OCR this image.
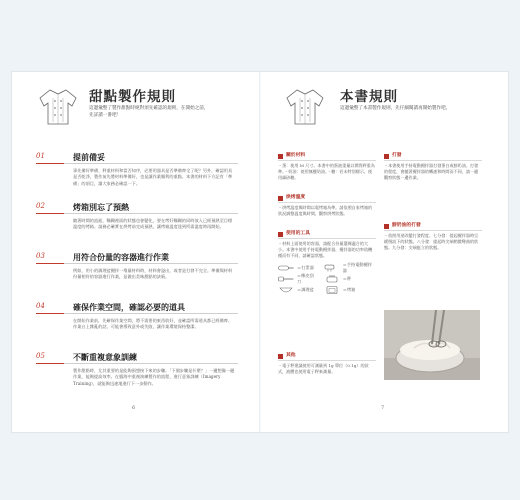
甜點製作規則
這邊彙整了製作甜點時絕對須先確認的規則，在開始之前，先詳讀一番吧！
01	提前備妥
事先備好準備、秤重材料和當否知序，必要用器具是否準備齊全了呢？另外，確認用具是否乾淨，製作前先將材料準備好，也是讓作業順利的重點。本書的材料下方記有「準備」的項目，讀大家務必確認一下。
02	烤箱別忘了預熱
隨著時間的流逝，麵糊裡面的狀態也會變化，要在烤好麵糊的同時放入已經預熱至目標溫度的烤箱。請務必確實在烘烤前完成預熱，讓烤箱溫度達到所需溫度時再開始。
03	用符合份量的容器進行作業
例如，用小的調理盆攪拌一堆量材料時，材料會溢出，或者是打發不完全。準備與材料份量相符的容器進行作業，是做出美味甜點的訣竅。
04	確保作業空間，確認必要的道具
在開始作業前，先確保作業空間，將不需要的東西收好，並確認所需道具都已經備齊。作業台上雜亂的話，可能會導致意外或失敗，讓作業環境保持整潔。
05	不斷重複意象訓練
製作甜點時，尤其重要的是能夠預想接下來的步驟。「下個步驟是什麼？」一邊想像一邊作業，能夠提高效率。在腦海中重複演練製作的流程，進行意象訓練（Imagery Training），就能夠迅速地進行下一步動作。
6
本書規則
這邊彙整了本書製作規則，先仔細閱讀再開始製作吧。
關於材料
・蛋：使用 M 尺寸。本書中的蛋液重量以實際秤重為準。・奶油：使用無鹽奶油。・糖：若未特別標示，使用細砂糖。
烘烤溫度
・烘烤溫度與時間以電烤箱為準。請依照自家烤箱的狀況調整溫度與時間，觀察烘烤狀態。
使用的工具
・材料上面使用的容器，請配合份量選擇適合的大小。本書中使用手持電動攪拌器，攪拌器的功率依機種而有不同，請確認狀態。
＝打蛋器
＝橡皮刮刀
＝調理盆
＝手持電動攪拌器
＝秤
＝烤箱
其他
・電子秤建議使用可測量到 1g 單位（0.1g）的款式，液體也使用電子秤來測量。
打發
・本書使用手持電動攪拌器打發蛋白或鮮奶油。打發的程度，會隨著攪拌器的轉速和時間而不同，請一邊觀察狀態一邊作業。
鮮奶油的打發
・依照用途改變打發程度。七分發：提起攪拌器時呈緩慢流下的狀態。八分發：提起時尖端稍微彎曲的狀態。九分發：尖端挺立的狀態。
7
